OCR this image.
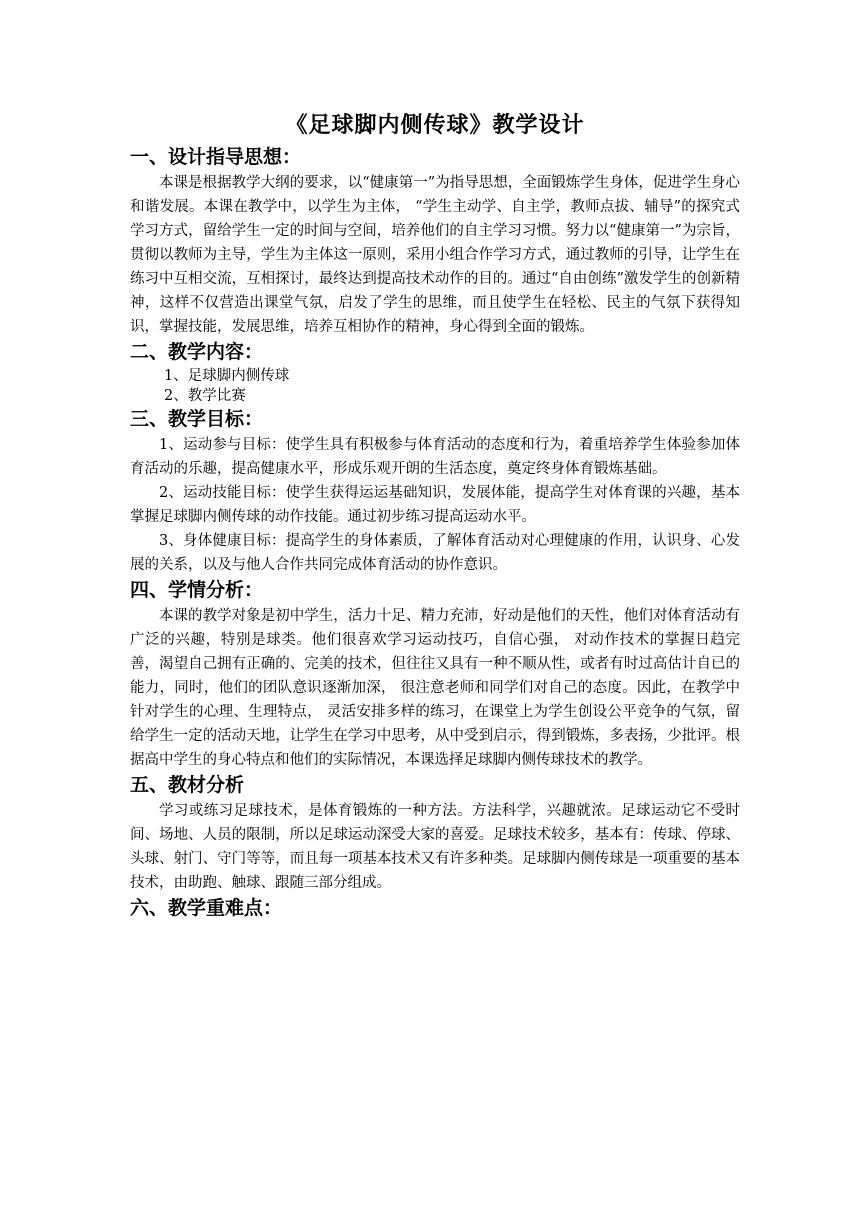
《足球脚内侧传球》教学设计
一、设计指导思想：

本课是根据教学大纲的要求，以“健康第一”为指导思想，全面锻炼学生身体，促进学生身心和谐发展。本课在教学中，以学生为主体， “学生主动学、自主学，教师点拔、辅导”的探究式学习方式，留给学生一定的时间与空间，培养他们的自主学习习惯。努力以“健康第一”为宗旨，贯彻以教师为主导，学生为主体这一原则，采用小组合作学习方式，通过教师的引导，让学生在练习中互相交流，互相探讨，最终达到提高技术动作的目的。通过“自由创练”激发学生的创新精神，这样不仅营造出课堂气氛，启发了学生的思维，而且使学生在轻松、民主的气氛下获得知识，掌握技能，发展思维，培养互相协作的精神，身心得到全面的锻炼。

二、教学内容：
1、足球脚内侧传球
2、教学比赛
三、教学目标：

1、运动参与目标：使学生具有积极参与体育活动的态度和行为，着重培养学生体验参加体育活动的乐趣，提高健康水平，形成乐观开朗的生活态度，奠定终身体育锻炼基础。

2、运动技能目标：使学生获得运运基础知识，发展体能，提高学生对体育课的兴趣，基本掌握足球脚内侧传球的动作技能。通过初步练习提高运动水平。

3、身体健康目标：提高学生的身体素质，了解体育活动对心理健康的作用，认识身、心发展的关系，以及与他人合作共同完成体育活动的协作意识。

四、学情分析：

本课的教学对象是初中学生，活力十足、精力充沛，好动是他们的天性，他们对体育活动有广泛的兴趣，特别是球类。他们很喜欢学习运动技巧，自信心强， 对动作技术的掌握日趋完善，渴望自己拥有正确的、完美的技术，但往往又具有一种不顺从性，或者有时过高估计自已的能力，同时，他们的团队意识逐渐加深， 很注意老师和同学们对自己的态度。因此，在教学中针对学生的心理、生理特点， 灵活安排多样的练习，在课堂上为学生创设公平竞争的气氛，留给学生一定的活动天地，让学生在学习中思考，从中受到启示，得到锻炼，多表扬，少批评。根据高中学生的身心特点和他们的实际情况，本课选择足球脚内侧传球技术的教学。

五、教材分析

学习或练习足球技术，是体育锻炼的一种方法。方法科学，兴趣就浓。足球运动它不受时间、场地、人员的限制，所以足球运动深受大家的喜爱。足球技术较多，基本有：传球、停球、头球、射门、守门等等，而且每一项基本技术又有许多种类。足球脚内侧传球是一项重要的基本技术，由助跑、触球、跟随三部分组成。

六、教学重难点：
